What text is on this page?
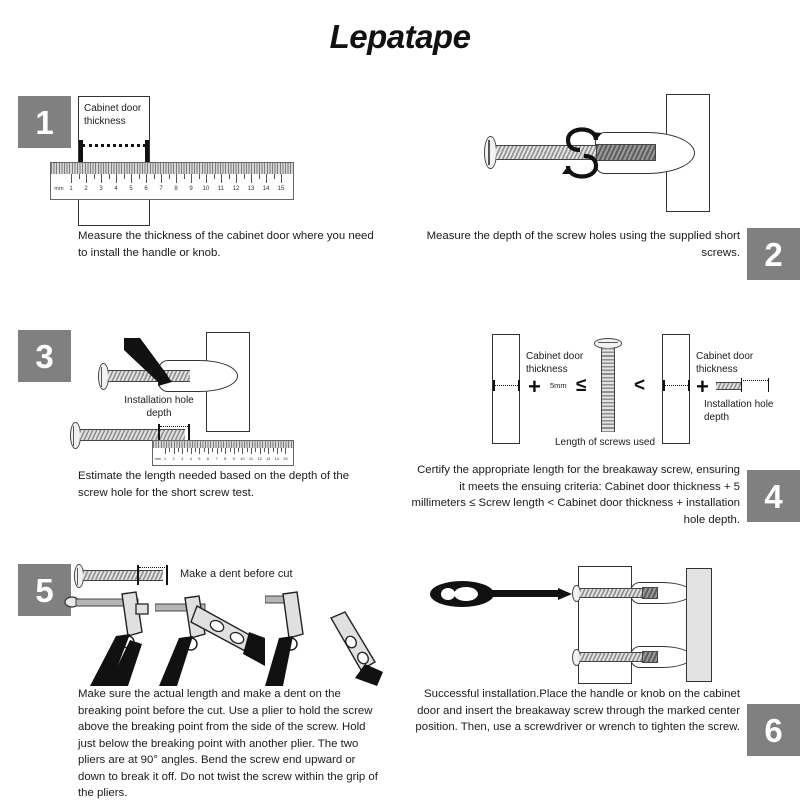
Lepatape
1	Cabinet door thickness
mm 1 2 3 4 5 6 7 8 9 10 11 12 13 14 15
Measure the thickness of the cabinet door where you need to install the handle or knob.	2
Measure the depth of the screw holes using the supplied short screws.
3
Installation hole depth
mm 1 2 3 4 5 6 7 8 9 10 11 12 13 14 15
Estimate the length needed based on the depth of the screw hole for the short screw test.	4
Cabinet door thickness
+ 5mm ≤
Length of screws used
<
Cabinet door thickness
+
Installation hole depth
Certify the appropriate length for the breakaway screw, ensuring it meets the ensuing criteria: Cabinet door thickness + 5 millimeters ≤ Screw length < Cabinet door thickness + installation hole depth.
5	Make a dent before cut
Make sure the actual length and make a dent on the breaking point before the cut. Use a plier to hold the screw above the breaking point from the side of the screw. Hold just below the breaking point with another plier. The two pliers are at 90° angles. Bend the screw end upward or down to break it off. Do not twist the screw within the grip of the pliers.
6
Successful installation.Place the handle or knob on the cabinet door and insert the breakaway screw through the marked center position. Then, use a screwdriver or wrench to tighten the screw.
